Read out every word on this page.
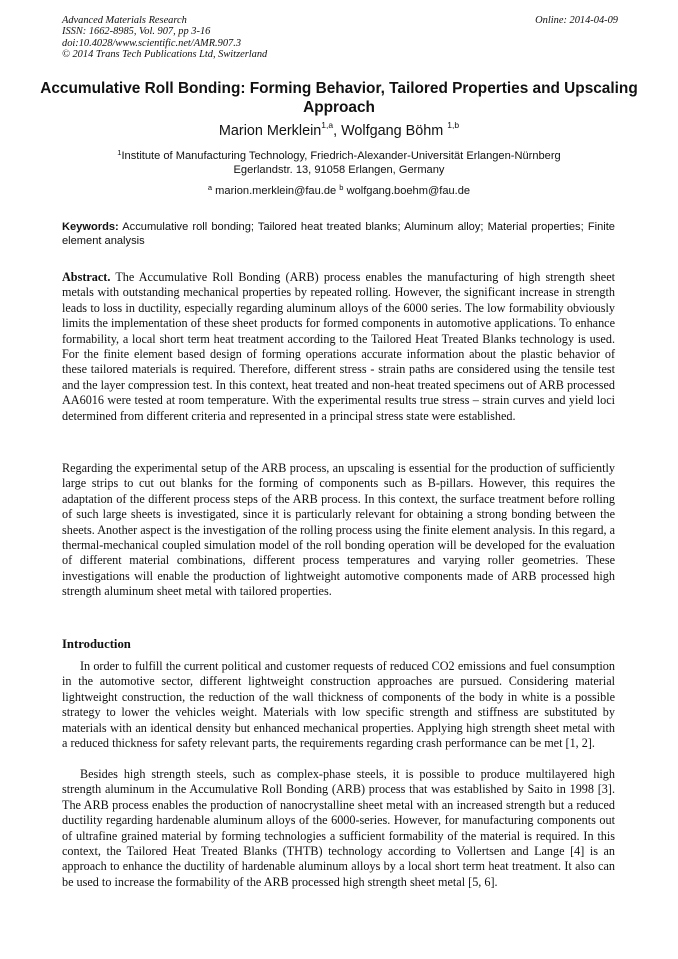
Advanced Materials Research
ISSN: 1662-8985, Vol. 907, pp 3-16
doi:10.4028/www.scientific.net/AMR.907.3
© 2014 Trans Tech Publications Ltd, Switzerland
Online: 2014-04-09
Accumulative Roll Bonding: Forming Behavior, Tailored Properties and Upscaling Approach
Marion Merklein$^{1,a}$, Wolfgang Böhm $^{1,b}$
$^1$Institute of Manufacturing Technology, Friedrich-Alexander-Universität Erlangen-Nürnberg
Egerlandstr. 13, 91058 Erlangen, Germany
$^a$ marion.merklein@fau.de $^b$ wolfgang.boehm@fau.de
Keywords: Accumulative roll bonding; Tailored heat treated blanks; Aluminum alloy; Material properties; Finite element analysis
Abstract. The Accumulative Roll Bonding (ARB) process enables the manufacturing of high strength sheet metals with outstanding mechanical properties by repeated rolling. However, the significant increase in strength leads to loss in ductility, especially regarding aluminum alloys of the 6000 series. The low formability obviously limits the implementation of these sheet products for formed components in automotive applications. To enhance formability, a local short term heat treatment according to the Tailored Heat Treated Blanks technology is used. For the finite element based design of forming operations accurate information about the plastic behavior of these tailored materials is required. Therefore, different stress - strain paths are considered using the tensile test and the layer compression test. In this context, heat treated and non-heat treated specimens out of ARB processed AA6016 were tested at room temperature. With the experimental results true stress – strain curves and yield loci determined from different criteria and represented in a principal stress state were established.
Regarding the experimental setup of the ARB process, an upscaling is essential for the production of sufficiently large strips to cut out blanks for the forming of components such as B-pillars. However, this requires the adaptation of the different process steps of the ARB process. In this context, the surface treatment before rolling of such large sheets is investigated, since it is particularly relevant for obtaining a strong bonding between the sheets. Another aspect is the investigation of the rolling process using the finite element analysis. In this regard, a thermal-mechanical coupled simulation model of the roll bonding operation will be developed for the evaluation of different material combinations, different process temperatures and varying roller geometries. These investigations will enable the production of lightweight automotive components made of ARB processed high strength aluminum sheet metal with tailored properties.
Introduction
In order to fulfill the current political and customer requests of reduced CO2 emissions and fuel consumption in the automotive sector, different lightweight construction approaches are pursued. Considering material lightweight construction, the reduction of the wall thickness of components of the body in white is a possible strategy to lower the vehicles weight. Materials with low specific strength and stiffness are substituted by materials with an identical density but enhanced mechanical properties. Applying high strength sheet metal with a reduced thickness for safety relevant parts, the requirements regarding crash performance can be met [1, 2].
Besides high strength steels, such as complex-phase steels, it is possible to produce multilayered high strength aluminum in the Accumulative Roll Bonding (ARB) process that was established by Saito in 1998 [3]. The ARB process enables the production of nanocrystalline sheet metal with an increased strength but a reduced ductility regarding hardenable aluminum alloys of the 6000-series. However, for manufacturing components out of ultrafine grained material by forming technologies a sufficient formability of the material is required. In this context, the Tailored Heat Treated Blanks (THTB) technology according to Vollertsen and Lange [4] is an approach to enhance the ductility of hardenable aluminum alloys by a local short term heat treatment. It also can be used to increase the formability of the ARB processed high strength sheet metal [5, 6].
